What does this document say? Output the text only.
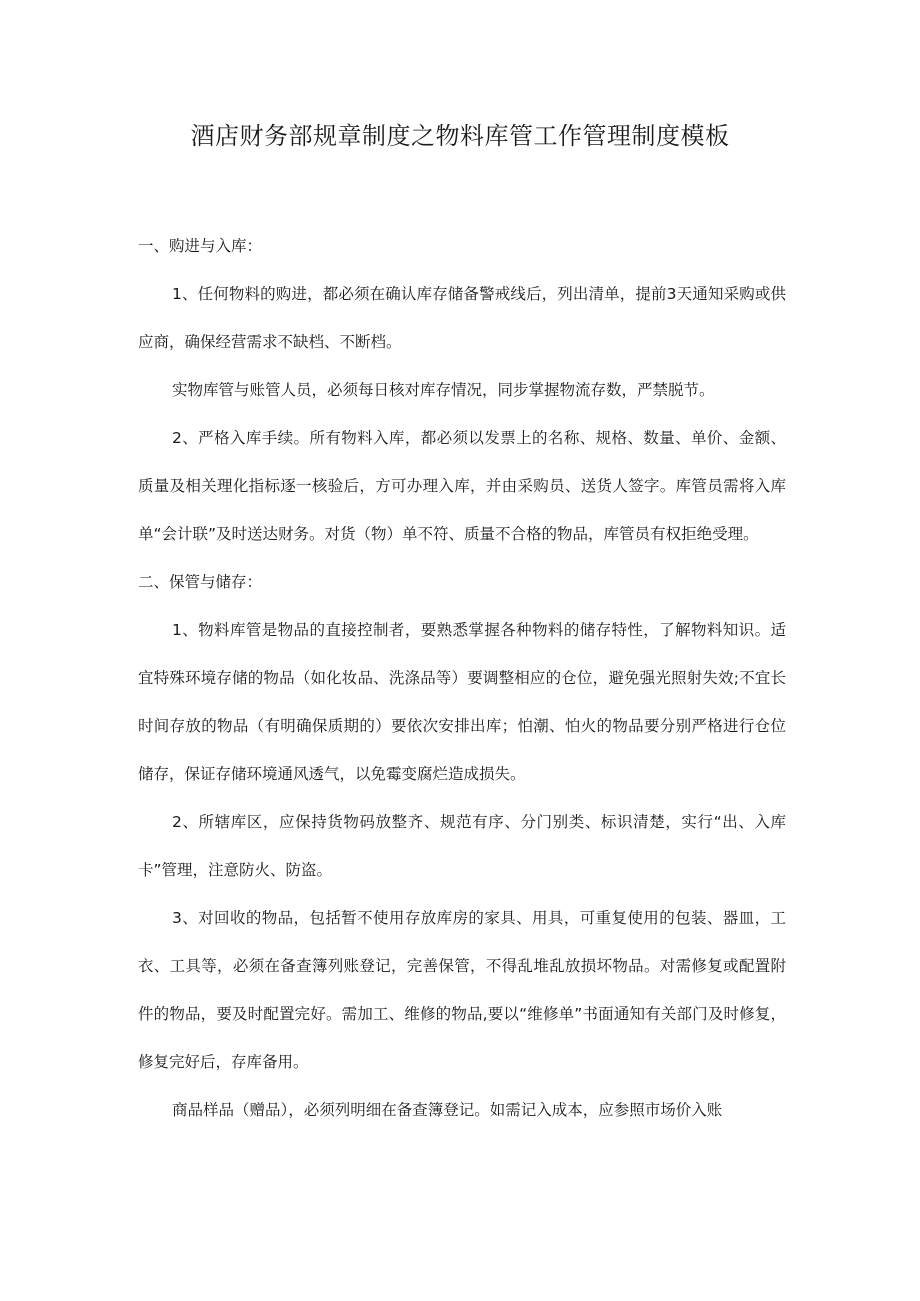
酒店财务部规章制度之物料库管工作管理制度模板

一、购进与入库：

1、任何物料的购进，都必须在确认库存储备警戒线后，列出清单，提前3天通知采购或供应商，确保经营需求不缺档、不断档。

实物库管与账管人员，必须每日核对库存情况，同步掌握物流存数，严禁脱节。

2、严格入库手续。所有物料入库，都必须以发票上的名称、规格、数量、单价、金额、质量及相关理化指标逐一核验后，方可办理入库，并由采购员、送货人签字。库管员需将入库单“会计联”及时送达财务。对货（物）单不符、质量不合格的物品，库管员有权拒绝受理。

二、保管与储存：

1、物料库管是物品的直接控制者，要熟悉掌握各种物料的储存特性，了解物料知识。适宜特殊环境存储的物品（如化妆品、洗涤品等）要调整相应的仓位，避免强光照射失效;不宜长时间存放的物品（有明确保质期的）要依次安排出库；怕潮、怕火的物品要分别严格进行仓位储存，保证存储环境通风透气，以免霉变腐烂造成损失。

2、所辖库区，应保持货物码放整齐、规范有序、分门别类、标识清楚，实行“出、入库卡”管理，注意防火、防盗。

3、对回收的物品，包括暂不使用存放库房的家具、用具，可重复使用的包装、器皿，工衣、工具等，必须在备查簿列账登记，完善保管，不得乱堆乱放损坏物品。对需修复或配置附件的物品，要及时配置完好。需加工、维修的物品,要以“维修单”书面通知有关部门及时修复，修复完好后，存库备用。

商品样品（赠品），必须列明细在备查簿登记。如需记入成本，应参照市场价入账
